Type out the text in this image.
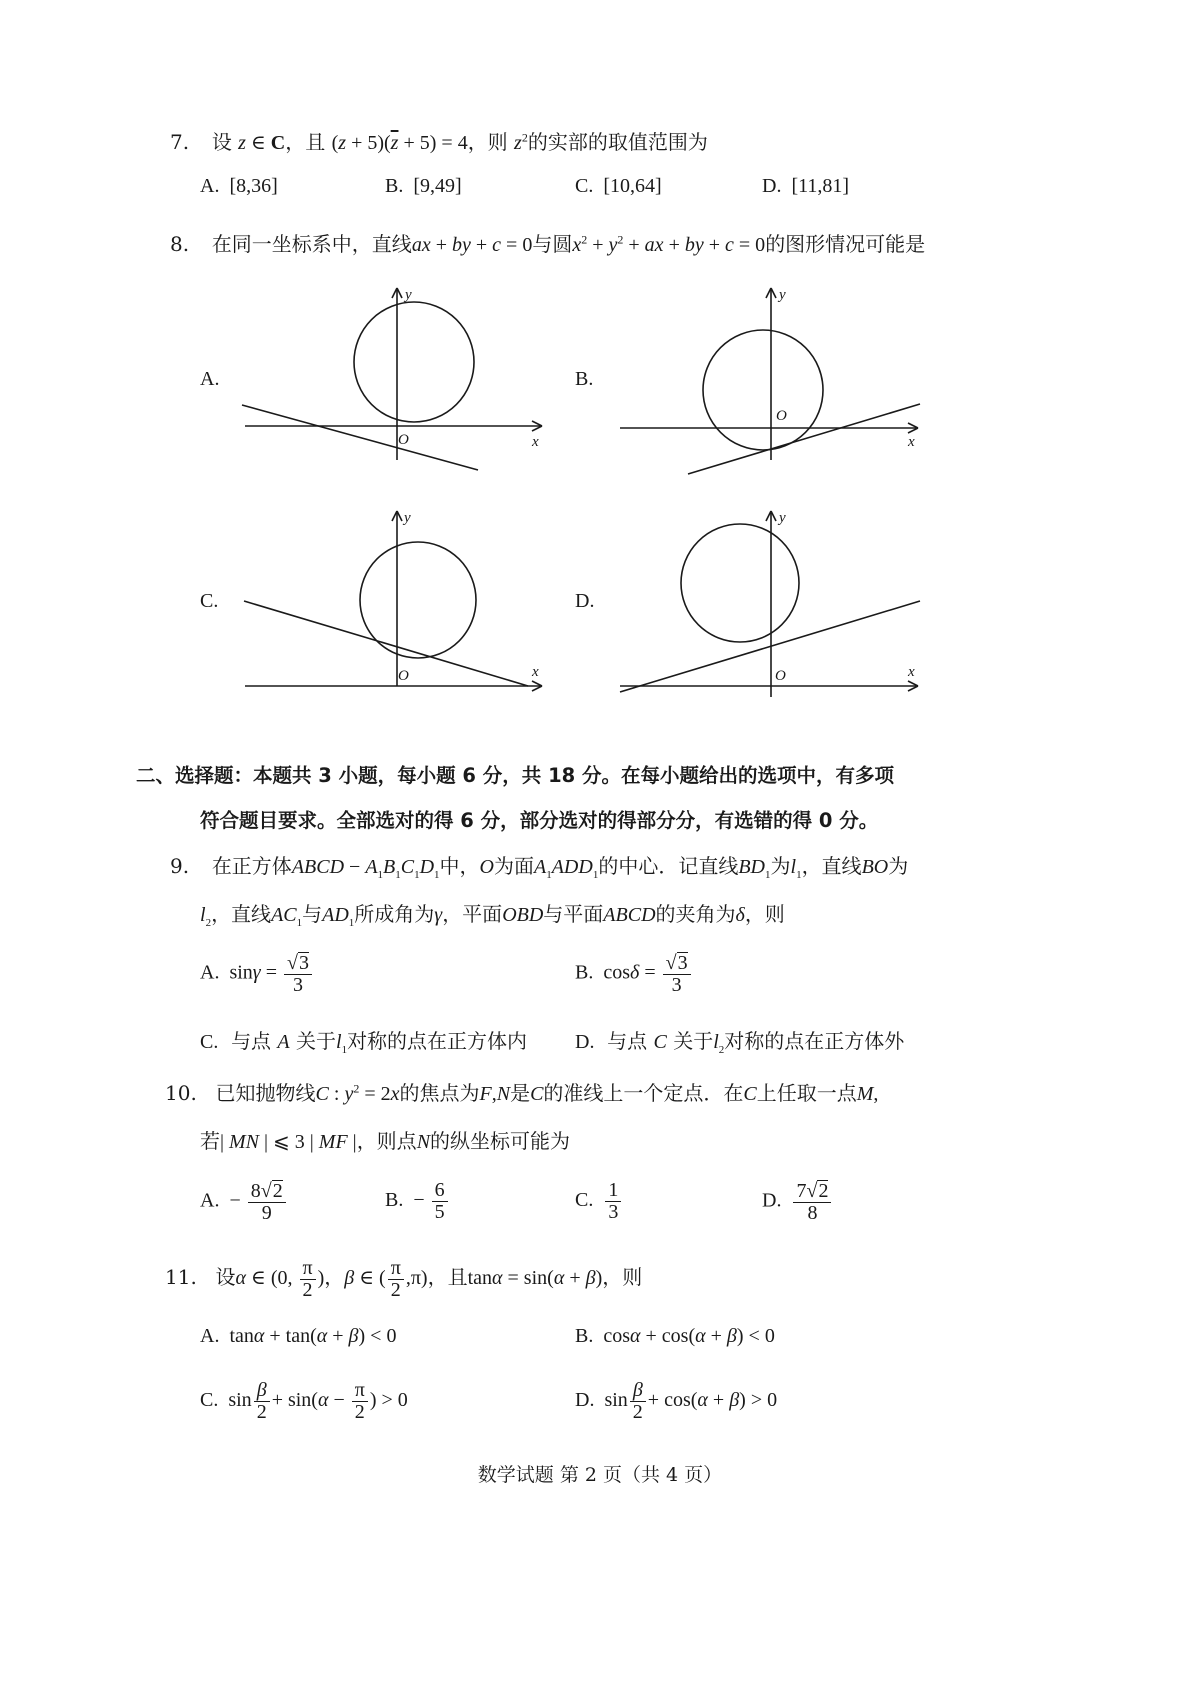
7. 设 z ∈ C，且 $(z + 5)(\overline{z} + 5) = 4$，则 $z^2$的实部的取值范围为
A. [8,36]	B. [9,49]	C. [10,64]	D. [11,81]
8. 在同一坐标系中，直线ax + by + c = 0与圆$x^2 + y^2$ + ax + by + c = 0的图形情况可能是
A.	B.
C.	D.
x
y
O	x
y
O
x
y
O	x
y
O
二、选择题：本题共 3 小题，每小题 6 分，共 18 分。在每小题给出的选项中，有多项
符合题目要求。全部选对的得 6 分，部分选对的得部分分，有选错的得 0 分。
9. 在正方体ABCD − $A_1B_1C_1D_1$中，O为面$A_1ADD_1$的中心．记直线$BD_1$为$l_1$，直线BO为
$l_2$，直线$AC_1$与$AD_1$所成角为γ，平面OBD与平面ABCD的夹角为δ，则
A.  $\sin\gamma = \frac{√3}{3}$	B.  $\cos\delta = \frac{√3}{3}$
C. 与点 A 关于$l_1$对称的点在正方体内 D. 与点 C 关于$l_2$对称的点在正方体外
10. 已知抛物线C : $y^2 = 2x$的焦点为F,N是C的准线上一个定点．在C上任取一点M,
若| MN | ⩽ 3 | MF |，则点N的纵坐标可能为
A.  − $\frac{8√2}{9}$	B.  − $\frac{6}{5}$	C. $\frac{1}{3}$	D. $\frac{7√2}{8}$
11. 设α ∈ (0, $\frac{\pi}{2}$ )，β ∈ ( $\frac{\pi}{2} ,\pi$)，且tanα = sin(α + β)，则
A.  tanα + tan(α + β) < 0	B.  cosα + cos(α + β) < 0
C.  $\sin \frac{\beta}{2} + \sin(\alpha - \frac{\pi}{2}$ ) > 0	D.  $\sin \frac{\beta}{2} + \cos(\alpha + \beta) > 0$
数学试题 第 2 页（共 4 页）
